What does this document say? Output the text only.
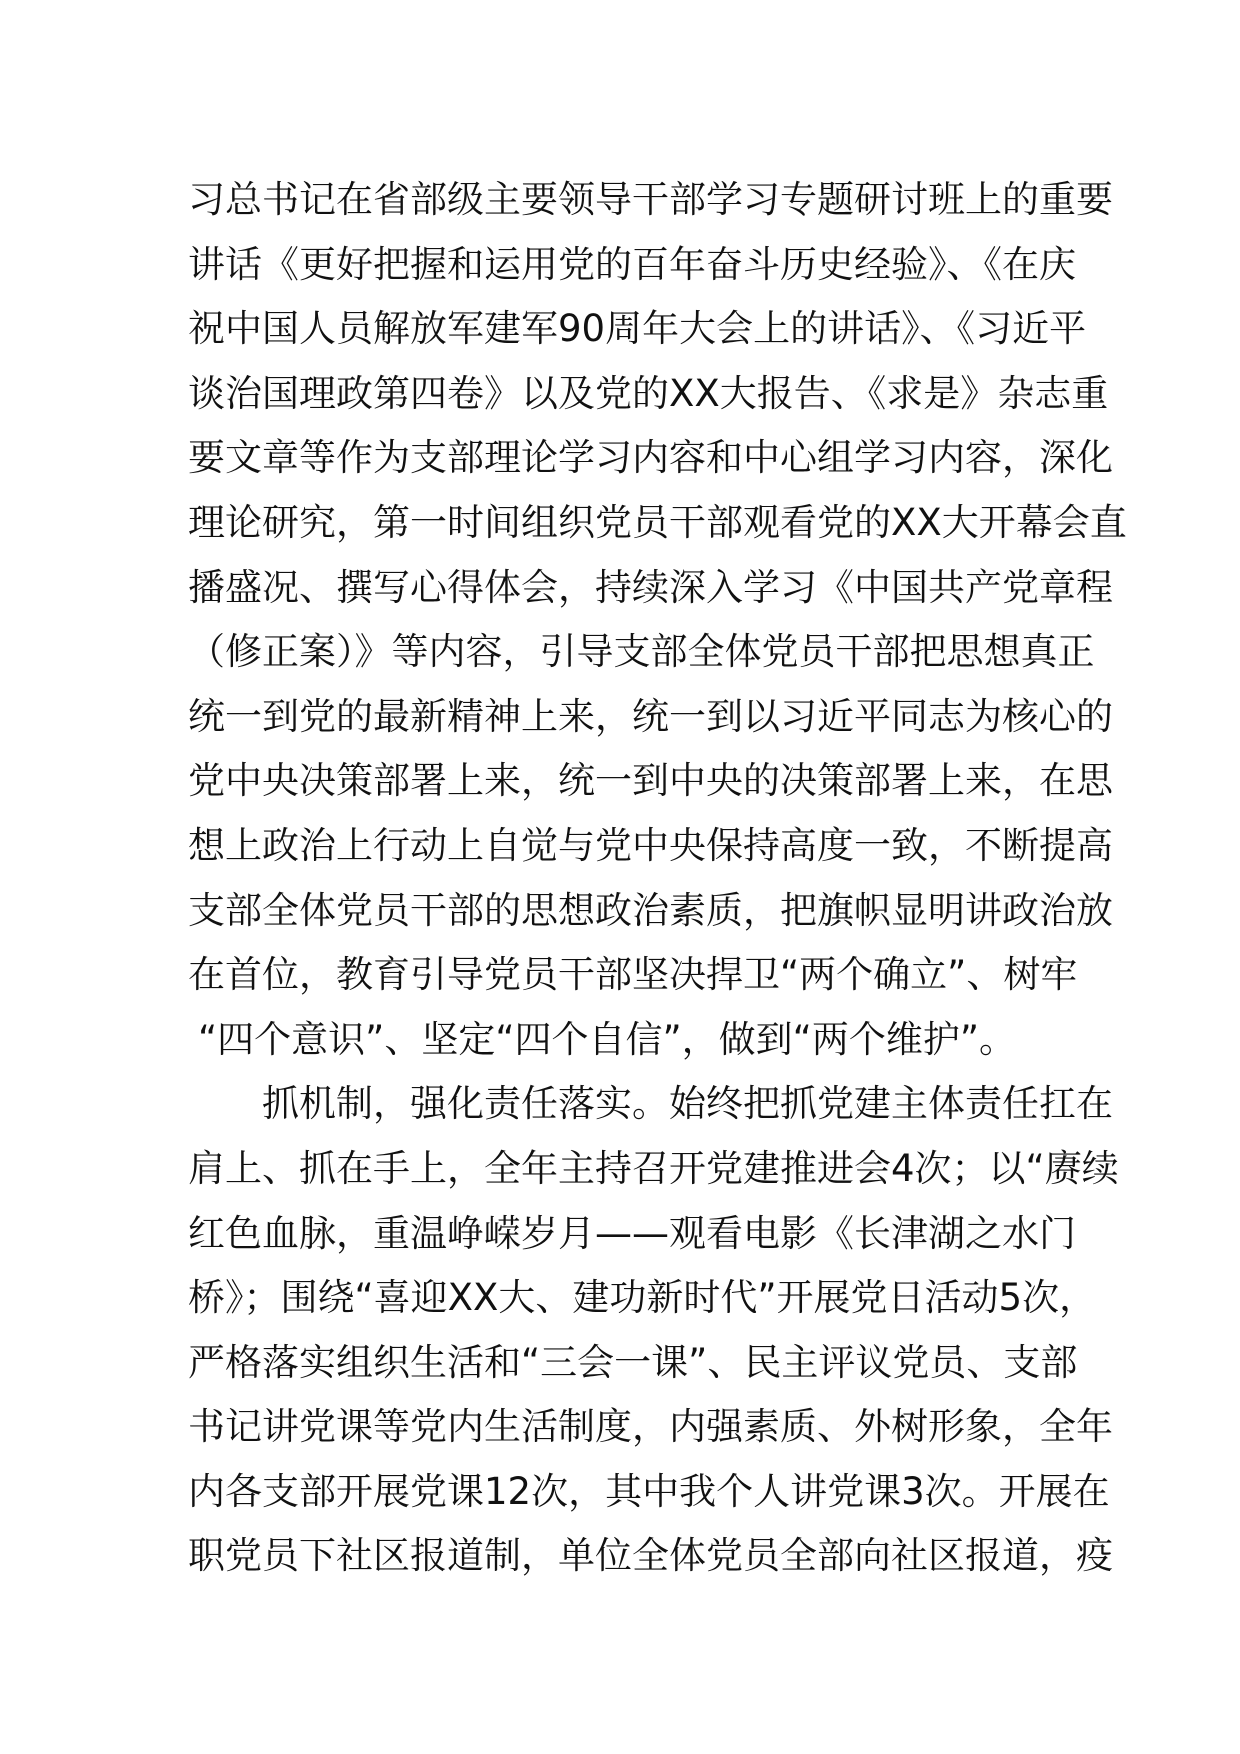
习总书记在省部级主要领导干部学习专题研讨班上的重要
讲话《更好把握和运用党的百年奋斗历史经验》、《在庆
祝中国人员解放军建军90周年大会上的讲话》、《习近平
谈治国理政第四卷》以及党的XX大报告、《求是》杂志重
要文章等作为支部理论学习内容和中心组学习内容，深化
理论研究，第一时间组织党员干部观看党的XX大开幕会直
播盛况、撰写心得体会，持续深入学习《中国共产党章程
（修正案）》等内容，引导支部全体党员干部把思想真正
统一到党的最新精神上来，统一到以习近平同志为核心的
党中央决策部署上来，统一到中央的决策部署上来，在思
想上政治上行动上自觉与党中央保持高度一致，不断提高
支部全体党员干部的思想政治素质，把旗帜显明讲政治放
在首位，教育引导党员干部坚决捍卫“两个确立”、树牢
“四个意识”、坚定“四个自信”，做到“两个维护”。
抓机制，强化责任落实。始终把抓党建主体责任扛在
肩上、抓在手上，全年主持召开党建推进会4次；以“赓续
红色血脉，重温峥嵘岁月——观看电影《长津湖之水门
桥》；围绕“喜迎XX大、建功新时代”开展党日活动5次，
严格落实组织生活和“三会一课”、民主评议党员、支部
书记讲党课等党内生活制度，内强素质、外树形象，全年
内各支部开展党课12次，其中我个人讲党课3次。开展在
职党员下社区报道制，单位全体党员全部向社区报道，疫
